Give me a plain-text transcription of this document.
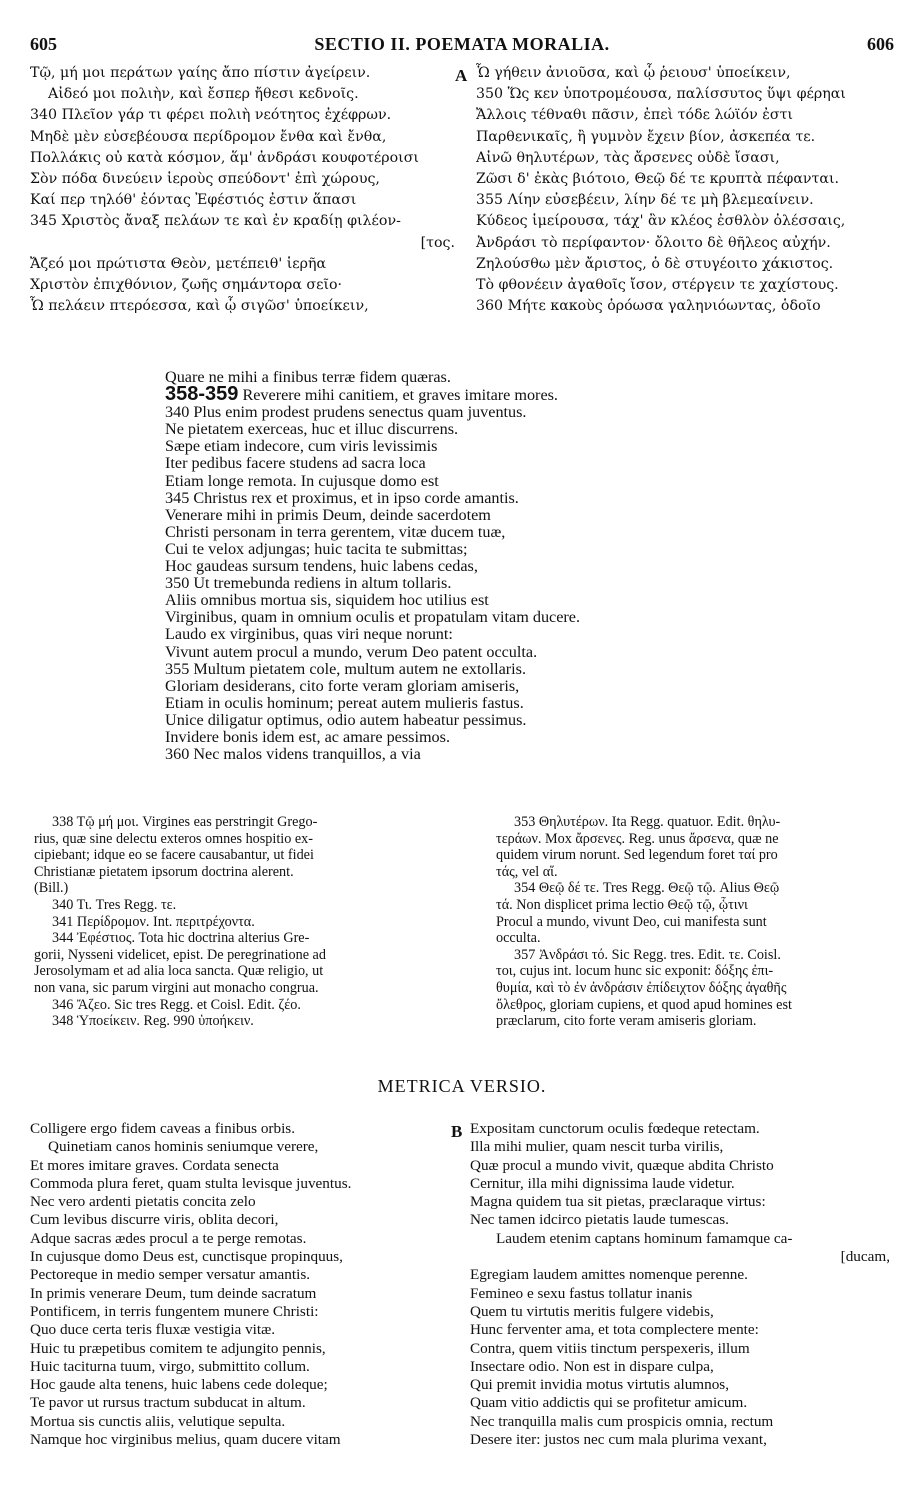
605	SECTIO II. POEMATA MORALIA.	606
Τῷ, μή μοι περάτων γαίης ἄπο πίστιν ἀγείρειν.
Αἰδεό μοι πολιὴν, καὶ ἔσπερ ἤθεσι κεδνοῖς.
340 Πλεῖον γάρ τι φέρει πολιὴ νεότητος ἐχέφρων.
Μηδὲ μὲν εὐσεβέουσα περίδρομον ἔνθα καὶ ἔνθα,
Πολλάκις οὐ κατὰ κόσμον, ἅμ' ἀνδράσι κουφοτέροισι
Σὸν πόδα δινεύειν ἱεροὺς σπεύδοντ' ἐπὶ χώρους,
Καί περ τηλόθ' ἐόντας Ἐφέστιός ἐστιν ἅπασι
345 Χριστὸς ἄναξ πελάων τε καὶ ἐν κραδίῃ φιλέον-
[τος.
Ἄζεό μοι πρώτιστα Θεὸν, μετέπειθ' ἱερῆα
Χριστὸν ἐπιχθόνιον, ζωῆς σημάντορα σεῖο·
Ὧ πελάειν πτερόεσσα, καὶ ᾧ σιγῶσ' ὑποείκειν,
A Ὧ γήθειν ἀνιοῦσα, καὶ ᾧ ῥειουσ' ὑποείκειν,
350 Ὥς κεν ὑποτρομέουσα, παλίσσυτος ὕψι φέρηαι
Ἄλλοις τέθναθι πᾶσιν, ἐπεὶ τόδε λώϊόν ἐστι
Παρθενικαῖς, ἢ γυμνὸν ἔχειν βίον, ἀσκεπέα τε.
Αἰνῶ θηλυτέρων, τὰς ἄρσενες οὐδὲ ἴσασι,
Ζῶσι δ' ἐκὰς βιότοιο, Θεῷ δέ τε κρυπτὰ πέφανται.
355 Λίην εὐσεβέειν, λίην δέ τε μὴ βλεμεαίνειν.
Κύδεος ἱμείρουσα, τάχ' ἂν κλέος ἐσθλὸν ὀλέσσαις,
Ἀνδράσι τὸ περίφαντον· ὄλοιτο δὲ θῆλεος αὐχήν.
Ζηλούσθω μὲν ἄριστος, ὁ δὲ στυγέοιτο χάκιστος.
Τὸ φθονέειν ἀγαθοῖς ἴσον, στέργειν τε χαχίστους.
360 Μήτε κακοὺς ὁρόωσα γαληνιόωντας, ὁδοῖο
Quare ne mihi a finibus terræ fidem quæras.
358-359 Reverere mihi canitiem, et graves imitare mores.
340 Plus enim prodest prudens senectus quam juventus.
Ne pietatem exerceas, huc et illuc discurrens.
Sæpe etiam indecore, cum viris levissimis
Iter pedibus facere studens ad sacra loca
Etiam longe remota. In cujusque domo est
345 Christus rex et proximus, et in ipso corde amantis.
Venerare mihi in primis Deum, deinde sacerdotem
Christi personam in terra gerentem, vitæ ducem tuæ,
Cui te velox adjungas; huic tacita te submittas;
Hoc gaudeas sursum tendens, huic labens cedas,
350 Ut tremebunda rediens in altum tollaris.
Aliis omnibus mortua sis, siquidem hoc utilius est
Virginibus, quam in omnium oculis et propatulam vitam ducere.
Laudo ex virginibus, quas viri neque norunt:
Vivunt autem procul a mundo, verum Deo patent occulta.
355 Multum pietatem cole, multum autem ne extollaris.
Gloriam desiderans, cito forte veram gloriam amiseris,
Etiam in oculis hominum; pereat autem mulieris fastus.
Unice diligatur optimus, odio autem habeatur pessimus.
Invidere bonis idem est, ac amare pessimos.
360 Nec malos videns tranquillos, a via
338 Τῷ μή μοι. Virgines eas perstringit Grego-
rius, quæ sine delectu exteros omnes hospitio ex-
cipiebant; idque eo se facere causabantur, ut fidei
Christianæ pietatem ipsorum doctrina alerent.
(Bill.)
340 Τι. Tres Regg. τε.
341 Περίδρομον. Int. περιτρέχοντα.
344 Ἐφέστιος. Tota hic doctrina alterius Gre-
gorii, Nysseni videlicet, epist. De peregrinatione ad
Jerosolymam et ad alia loca sancta. Quæ religio, ut
non vana, sic parum virgini aut monacho congrua.
346 Ἄζεο. Sic tres Regg. et Coisl. Edit. ζέο.
348 Ὑποείκειν. Reg. 990 ὑποήκειν.
353 Θηλυτέρων. Ita Regg. quatuor. Edit. θηλυ-
τεράων. Mox ἄρσενες. Reg. unus ἄρσενα, quæ ne
quidem virum norunt. Sed legendum foret ταί pro
τάς, vel αἵ.
354 Θεῷ δέ τε. Tres Regg. Θεῷ τῷ. Alius Θεῷ
τά. Non displicet prima lectio Θεῷ τῷ, ᾧτινι
Procul a mundo, vivunt Deo, cui manifesta sunt
occulta.
357 Ἀνδράσι τό. Sic Regg. tres. Edit. τε. Coisl.
τοι, cujus int. locum hunc sic exponit: δόξης ἐπι-
θυμία, καὶ τὸ ἐν ἀνδράσιν ἐπίδειχτον δόξης ἀγαθῆς
ὄλεθρος, gloriam cupiens, et quod apud homines est
præclarum, cito forte veram amiseris gloriam.
METRICA VERSIO.
Colligere ergo fidem caveas a finibus orbis.
Quinetiam canos hominis seniumque verere,
Et mores imitare graves. Cordata senecta
Commoda plura feret, quam stulta levisque juventus.
Nec vero ardenti pietatis concita zelo
Cum levibus discurre viris, oblita decori,
Adque sacras ædes procul a te perge remotas.
In cujusque domo Deus est, cunctisque propinquus,
Pectoreque in medio semper versatur amantis.
In primis venerare Deum, tum deinde sacratum
Pontificem, in terris fungentem munere Christi:
Quo duce certa teris fluxæ vestigia vitæ.
Huic tu præpetibus comitem te adjungito pennis,
Huic taciturna tuum, virgo, submittito collum.
Hoc gaude alta tenens, huic labens cede doleque;
Te pavor ut rursus tractum subducat in altum.
Mortua sis cunctis aliis, velutique sepulta.
Namque hoc virginibus melius, quam ducere vitam
B Expositam cunctorum oculis fœdeque retectam.
Illa mihi mulier, quam nescit turba virilis,
Quæ procul a mundo vivit, quæque abdita Christo
Cernitur, illa mihi dignissima laude videtur.
Magna quidem tua sit pietas, præclaraque virtus:
Nec tamen idcirco pietatis laude tumescas.
Laudem etenim captans hominum famamque ca-
[ducam,
Egregiam laudem amittes nomenque perenne.
Femineo e sexu fastus tollatur inanis
Quem tu virtutis meritis fulgere videbis,
Hunc ferventer ama, et tota complectere mente:
Contra, quem vitiis tinctum perspexeris, illum
Insectare odio. Non est in dispare culpa,
Qui premit invidia motus virtutis alumnos,
Quam vitio addictis qui se profitetur amicum.
Nec tranquilla malis cum prospicis omnia, rectum
Desere iter: justos nec cum mala plurima vexant,
